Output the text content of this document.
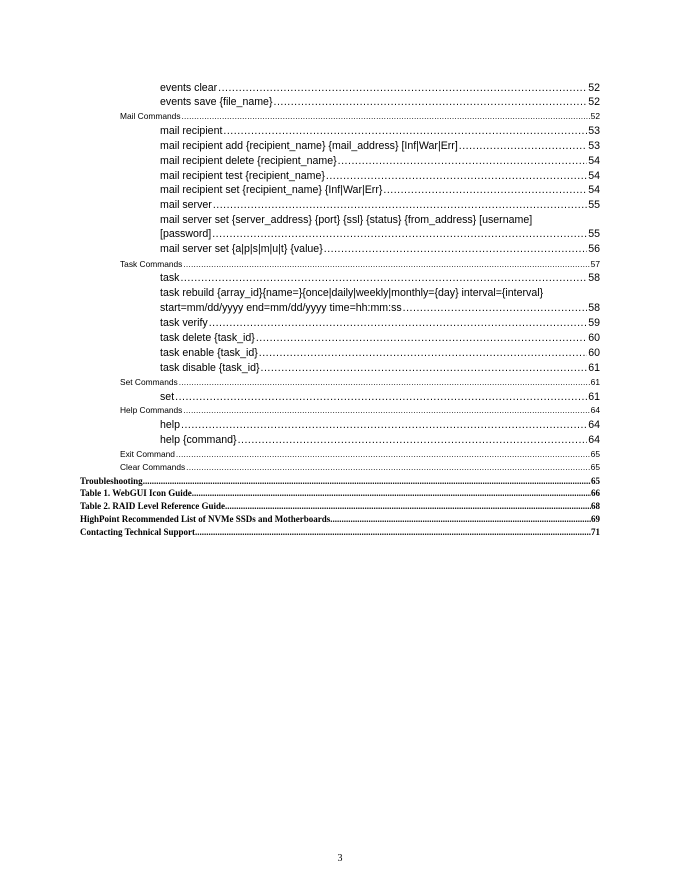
events clear .....	52
events save {file_name} .....	52
Mail Commands .....	52
mail recipient .....	53
mail recipient add {recipient_name} {mail_address} [Inf|War|Err] .....	53
mail recipient delete {recipient_name} .....	54
mail recipient test {recipient_name} .....	54
mail recipient set {recipient_name} {Inf|War|Err} .....	54
mail server .....	55
mail server set {server_address} {port} {ssl} {status} {from_address} [username]
[password] .....	55
mail server set {a|p|s|m|u|t} {value} .....	56
Task Commands .....	57
task .....	58
task rebuild {array_id}{name=}{once|daily|weekly|monthly={day} interval={interval}
start=mm/dd/yyyy end=mm/dd/yyyy time=hh:mm:ss .....	58
task verify .....	59
task delete {task_id} .....	60
task enable {task_id} .....	60
task disable {task_id} .....	61
Set Commands .....	61
set .....	61
Help Commands .....	64
help .....	64
help {command} .....	64
Exit Command .....	65
Clear Commands .....	65
Troubleshooting .....	65
Table 1. WebGUI Icon Guide .....	66
Table 2. RAID Level Reference Guide .....	68
HighPoint Recommended List of NVMe SSDs and Motherboards .....	69
Contacting Technical Support .....	71
3
